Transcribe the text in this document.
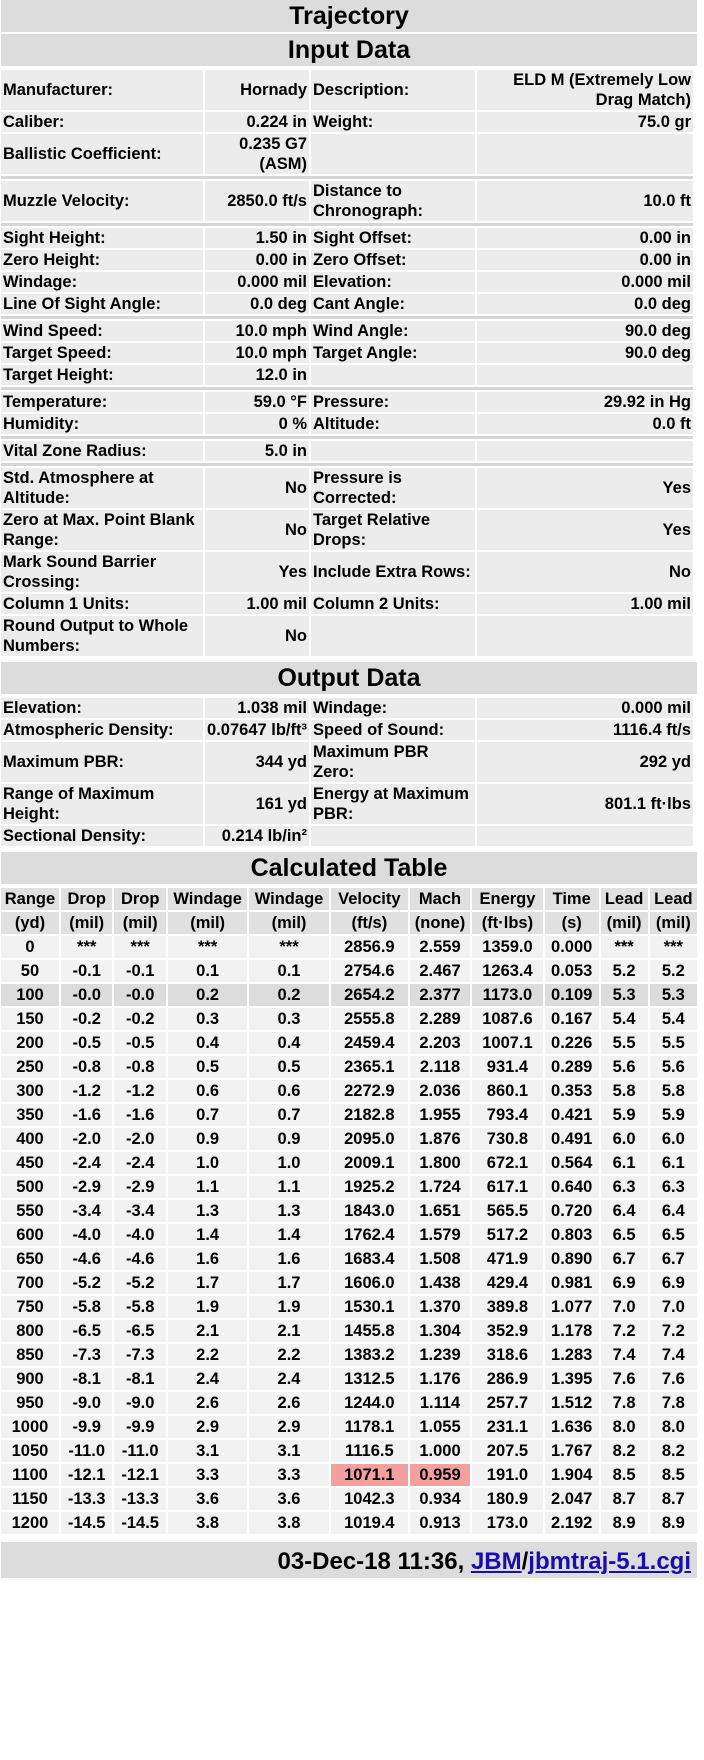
Trajectory
Input Data
Manufacturer:	Hornady	Description:	ELD M (Extremely Low Drag Match)
Caliber:	0.224 in	Weight:	75.0 gr
Ballistic Coefficient:	0.235 G7 (ASM)		

Muzzle Velocity:	2850.0 ft/s	Distance to Chronograph:	10.0 ft

Sight Height:	1.50 in	Sight Offset:	0.00 in
Zero Height:	0.00 in	Zero Offset:	0.00 in
Windage:	0.000 mil	Elevation:	0.000 mil
Line Of Sight Angle:	0.0 deg	Cant Angle:	0.0 deg

Wind Speed:	10.0 mph	Wind Angle:	90.0 deg
Target Speed:	10.0 mph	Target Angle:	90.0 deg
Target Height:	12.0 in		

Temperature:	59.0 °F	Pressure:	29.92 in Hg
Humidity:	0 %	Altitude:	0.0 ft

Vital Zone Radius:	5.0 in		

Std. Atmosphere at Altitude:	No	Pressure is Corrected:	Yes
Zero at Max. Point Blank Range:	No	Target Relative Drops:	Yes
Mark Sound Barrier Crossing:	Yes	Include Extra Rows:	No
Column 1 Units:	1.00 mil	Column 2 Units:	1.00 mil
Round Output to Whole Numbers:	No		
Output Data
Elevation:	1.038 mil	Windage:	0.000 mil
Atmospheric Density:	0.07647 lb/ft³	Speed of Sound:	1116.4 ft/s
Maximum PBR:	344 yd	Maximum PBR Zero:	292 yd
Range of Maximum Height:	161 yd	Energy at Maximum PBR:	801.1 ft·lbs
Sectional Density:	0.214 lb/in²		
Calculated Table
Range	Drop	Drop	Windage	Windage	Velocity	Mach	Energy	Time	Lead	Lead
(yd)	(mil)	(mil)	(mil)	(mil)	(ft/s)	(none)	(ft·lbs)	(s)	(mil)	(mil)
0	***	***	***	***	2856.9	2.559	1359.0	0.000	***	***
50	-0.1	-0.1	0.1	0.1	2754.6	2.467	1263.4	0.053	5.2	5.2
100	-0.0	-0.0	0.2	0.2	2654.2	2.377	1173.0	0.109	5.3	5.3
150	-0.2	-0.2	0.3	0.3	2555.8	2.289	1087.6	0.167	5.4	5.4
200	-0.5	-0.5	0.4	0.4	2459.4	2.203	1007.1	0.226	5.5	5.5
250	-0.8	-0.8	0.5	0.5	2365.1	2.118	931.4	0.289	5.6	5.6
300	-1.2	-1.2	0.6	0.6	2272.9	2.036	860.1	0.353	5.8	5.8
350	-1.6	-1.6	0.7	0.7	2182.8	1.955	793.4	0.421	5.9	5.9
400	-2.0	-2.0	0.9	0.9	2095.0	1.876	730.8	0.491	6.0	6.0
450	-2.4	-2.4	1.0	1.0	2009.1	1.800	672.1	0.564	6.1	6.1
500	-2.9	-2.9	1.1	1.1	1925.2	1.724	617.1	0.640	6.3	6.3
550	-3.4	-3.4	1.3	1.3	1843.0	1.651	565.5	0.720	6.4	6.4
600	-4.0	-4.0	1.4	1.4	1762.4	1.579	517.2	0.803	6.5	6.5
650	-4.6	-4.6	1.6	1.6	1683.4	1.508	471.9	0.890	6.7	6.7
700	-5.2	-5.2	1.7	1.7	1606.0	1.438	429.4	0.981	6.9	6.9
750	-5.8	-5.8	1.9	1.9	1530.1	1.370	389.8	1.077	7.0	7.0
800	-6.5	-6.5	2.1	2.1	1455.8	1.304	352.9	1.178	7.2	7.2
850	-7.3	-7.3	2.2	2.2	1383.2	1.239	318.6	1.283	7.4	7.4
900	-8.1	-8.1	2.4	2.4	1312.5	1.176	286.9	1.395	7.6	7.6
950	-9.0	-9.0	2.6	2.6	1244.0	1.114	257.7	1.512	7.8	7.8
1000	-9.9	-9.9	2.9	2.9	1178.1	1.055	231.1	1.636	8.0	8.0
1050	-11.0	-11.0	3.1	3.1	1116.5	1.000	207.5	1.767	8.2	8.2
1100	-12.1	-12.1	3.3	3.3	1071.1	0.959	191.0	1.904	8.5	8.5
1150	-13.3	-13.3	3.6	3.6	1042.3	0.934	180.9	2.047	8.7	8.7
1200	-14.5	-14.5	3.8	3.8	1019.4	0.913	173.0	2.192	8.9	8.9
03-Dec-18 11:36, JBM/jbmtraj-5.1.cgi
